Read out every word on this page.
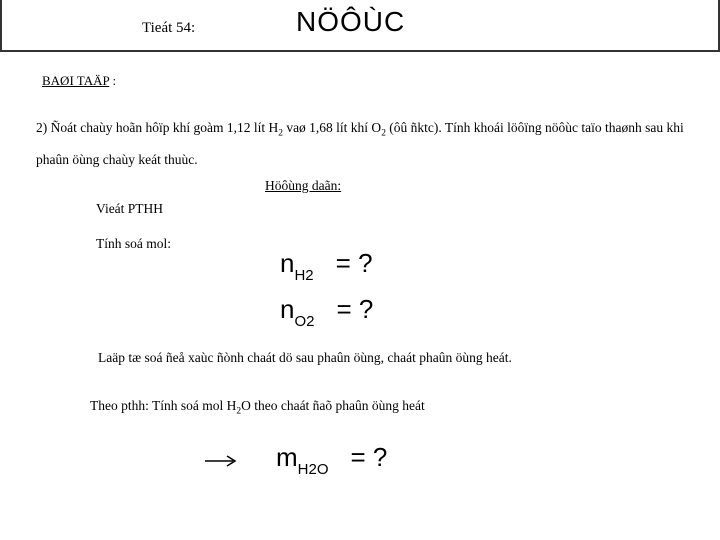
Tieát 54:	NÖÔÙC
BAØI TAÄP :
2) Ñoát chaùy hoãn hôïp khí goàm 1,12 lít $H_2$ vaø 1,68 lít khí $O_2$ (ôû ñktc). Tính khoái löôïng nöôùc taïo thaønh sau khi phaûn öùng chaùy keát thuùc.
Höôùng daãn:
Vieát PTHH
Tính soá mol:
$n_{H2}$ = ?
$n_{O2}$ = ?
Laäp tæ soá ñeå xaùc ñònh chaát dö sau phaûn öùng, chaát phaûn öùng heát.
Theo pthh: Tính soá mol $H_2O$ theo chaát ñaõ phaûn öùng heát
$m_{H2O}$ = ?
